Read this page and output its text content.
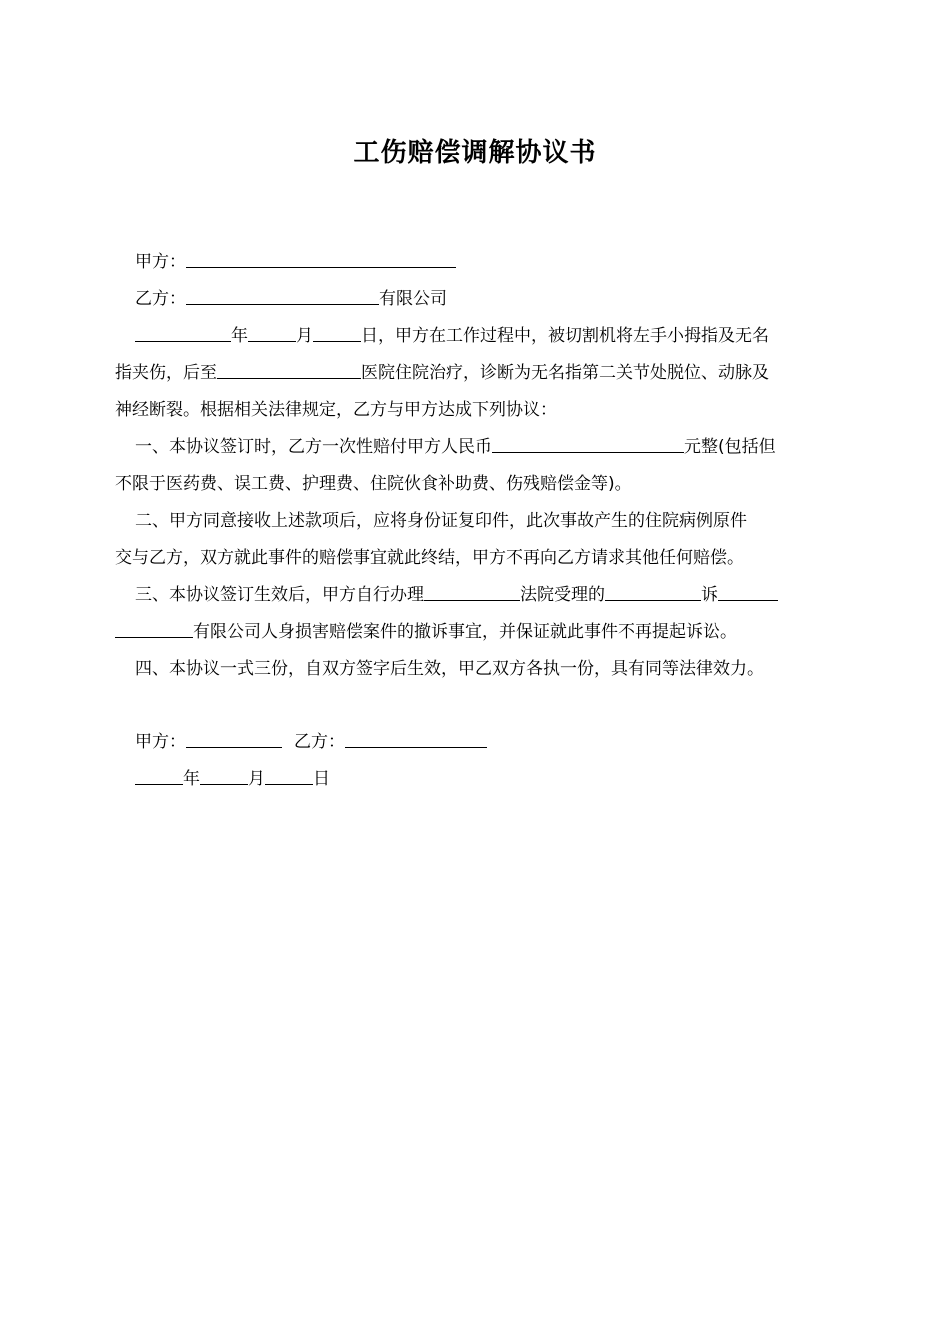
工伤赔偿调解协议书
甲方：
乙方：	有限公司
年	月	日，甲方在工作过程中，被切割机将左手小拇指及无名
指夹伤，后至	医院住院治疗，诊断为无名指第二关节处脱位、动脉及
神经断裂。根据相关法律规定，乙方与甲方达成下列协议：
一、本协议签订时，乙方一次性赔付甲方人民币	元整(包括但
不限于医药费、误工费、护理费、住院伙食补助费、伤残赔偿金等)。
二、甲方同意接收上述款项后，应将身份证复印件，此次事故产生的住院病例原件
交与乙方，双方就此事件的赔偿事宜就此终结，甲方不再向乙方请求其他任何赔偿。
三、本协议签订生效后，甲方自行办理	法院受理的	诉
有限公司人身损害赔偿案件的撤诉事宜，并保证就此事件不再提起诉讼。
四、本协议一式三份，自双方签字后生效，甲乙双方各执一份，具有同等法律效力。
甲方：	乙方：
年	月	日
